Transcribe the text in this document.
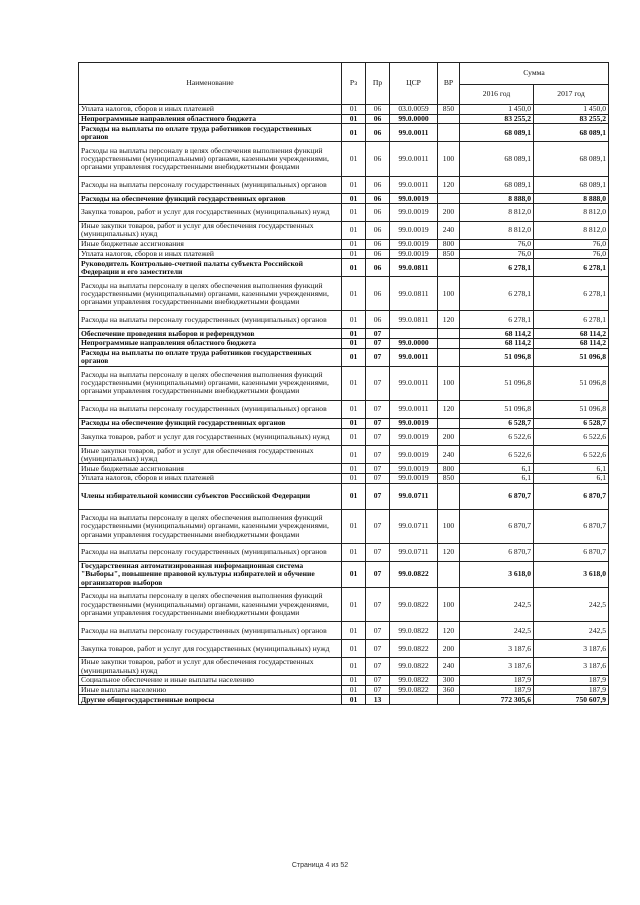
Наименование	Рз	Пр	ЦСР	ВР	Сумма	
					2016 год	2017 год
Уплата налогов, сборов и иных платежей	01	06	03.0.0059	850	1 450,0	1 450,0
Непрограммные направления областного бюджета	01	06	99.0.0000		83 255,2	83 255,2
Расходы на выплаты по оплате труда работников государственных органов	01	06	99.0.0011		68 089,1	68 089,1
Расходы на выплаты персоналу в целях обеспечения выполнения функций государственными (муниципальными) органами, казенными учреждениями, органами управления государственными внебюджетными фондами	01	06	99.0.0011	100	68 089,1	68 089,1
Расходы на выплаты персоналу государственных (муниципальных) органов	01	06	99.0.0011	120	68 089,1	68 089,1
Расходы на обеспечение функций государственных органов	01	06	99.0.0019		8 888,0	8 888,0
Закупка товаров, работ и услуг для государственных (муниципальных) нужд	01	06	99.0.0019	200	8 812,0	8 812,0
Иные закупки товаров, работ и услуг для обеспечения государственных (муниципальных) нужд	01	06	99.0.0019	240	8 812,0	8 812,0
Иные бюджетные ассигнования	01	06	99.0.0019	800	76,0	76,0
Уплата налогов, сборов и иных платежей	01	06	99.0.0019	850	76,0	76,0
Руководитель Контрольно-счетной палаты субъекта Российской Федерации и его заместители	01	06	99.0.0811		6 278,1	6 278,1
Расходы на выплаты персоналу в целях обеспечения выполнения функций государственными (муниципальными) органами, казенными учреждениями, органами управления государственными внебюджетными фондами	01	06	99.0.0811	100	6 278,1	6 278,1
Расходы на выплаты персоналу государственных (муниципальных) органов	01	06	99.0.0811	120	6 278,1	6 278,1
Обеспечение проведения выборов и референдумов	01	07			68 114,2	68 114,2
Непрограммные направления областного бюджета	01	07	99.0.0000		68 114,2	68 114,2
Расходы на выплаты по оплате труда работников государственных органов	01	07	99.0.0011		51 096,8	51 096,8
Расходы на выплаты персоналу в целях обеспечения выполнения функций государственными (муниципальными) органами, казенными учреждениями, органами управления государственными внебюджетными фондами	01	07	99.0.0011	100	51 096,8	51 096,8
Расходы на выплаты персоналу государственных (муниципальных) органов	01	07	99.0.0011	120	51 096,8	51 096,8
Расходы на обеспечение функций государственных органов	01	07	99.0.0019		6 528,7	6 528,7
Закупка товаров, работ и услуг для государственных (муниципальных) нужд	01	07	99.0.0019	200	6 522,6	6 522,6
Иные закупки товаров, работ и услуг для обеспечения государственных (муниципальных) нужд	01	07	99.0.0019	240	6 522,6	6 522,6
Иные бюджетные ассигнования	01	07	99.0.0019	800	6,1	6,1
Уплата налогов, сборов и иных платежей	01	07	99.0.0019	850	6,1	6,1
Члены избирательной комиссии субъектов Российской Федерации	01	07	99.0.0711		6 870,7	6 870,7
Расходы на выплаты персоналу в целях обеспечения выполнения функций государственными (муниципальными) органами, казенными учреждениями, органами управления государственными внебюджетными фондами	01	07	99.0.0711	100	6 870,7	6 870,7
Расходы на выплаты персоналу государственных (муниципальных) органов	01	07	99.0.0711	120	6 870,7	6 870,7
Государственная автоматизированная информационная система "Выборы", повышение правовой культуры избирателей и обучение организаторов выборов	01	07	99.0.0822		3 618,0	3 618,0
Расходы на выплаты персоналу в целях обеспечения выполнения функций государственными (муниципальными) органами, казенными учреждениями, органами управления государственными внебюджетными фондами	01	07	99.0.0822	100	242,5	242,5
Расходы на выплаты персоналу государственных (муниципальных) органов	01	07	99.0.0822	120	242,5	242,5
Закупка товаров, работ и услуг для государственных (муниципальных) нужд	01	07	99.0.0822	200	3 187,6	3 187,6
Иные закупки товаров, работ и услуг для обеспечения государственных (муниципальных) нужд	01	07	99.0.0822	240	3 187,6	3 187,6
Социальное обеспечение и иные выплаты населению	01	07	99.0.0822	300	187,9	187,9
Иные выплаты населению	01	07	99.0.0822	360	187,9	187,9
Другие общегосударственные вопросы	01	13			772 305,6	750 607,9
Страница 4 из 52
